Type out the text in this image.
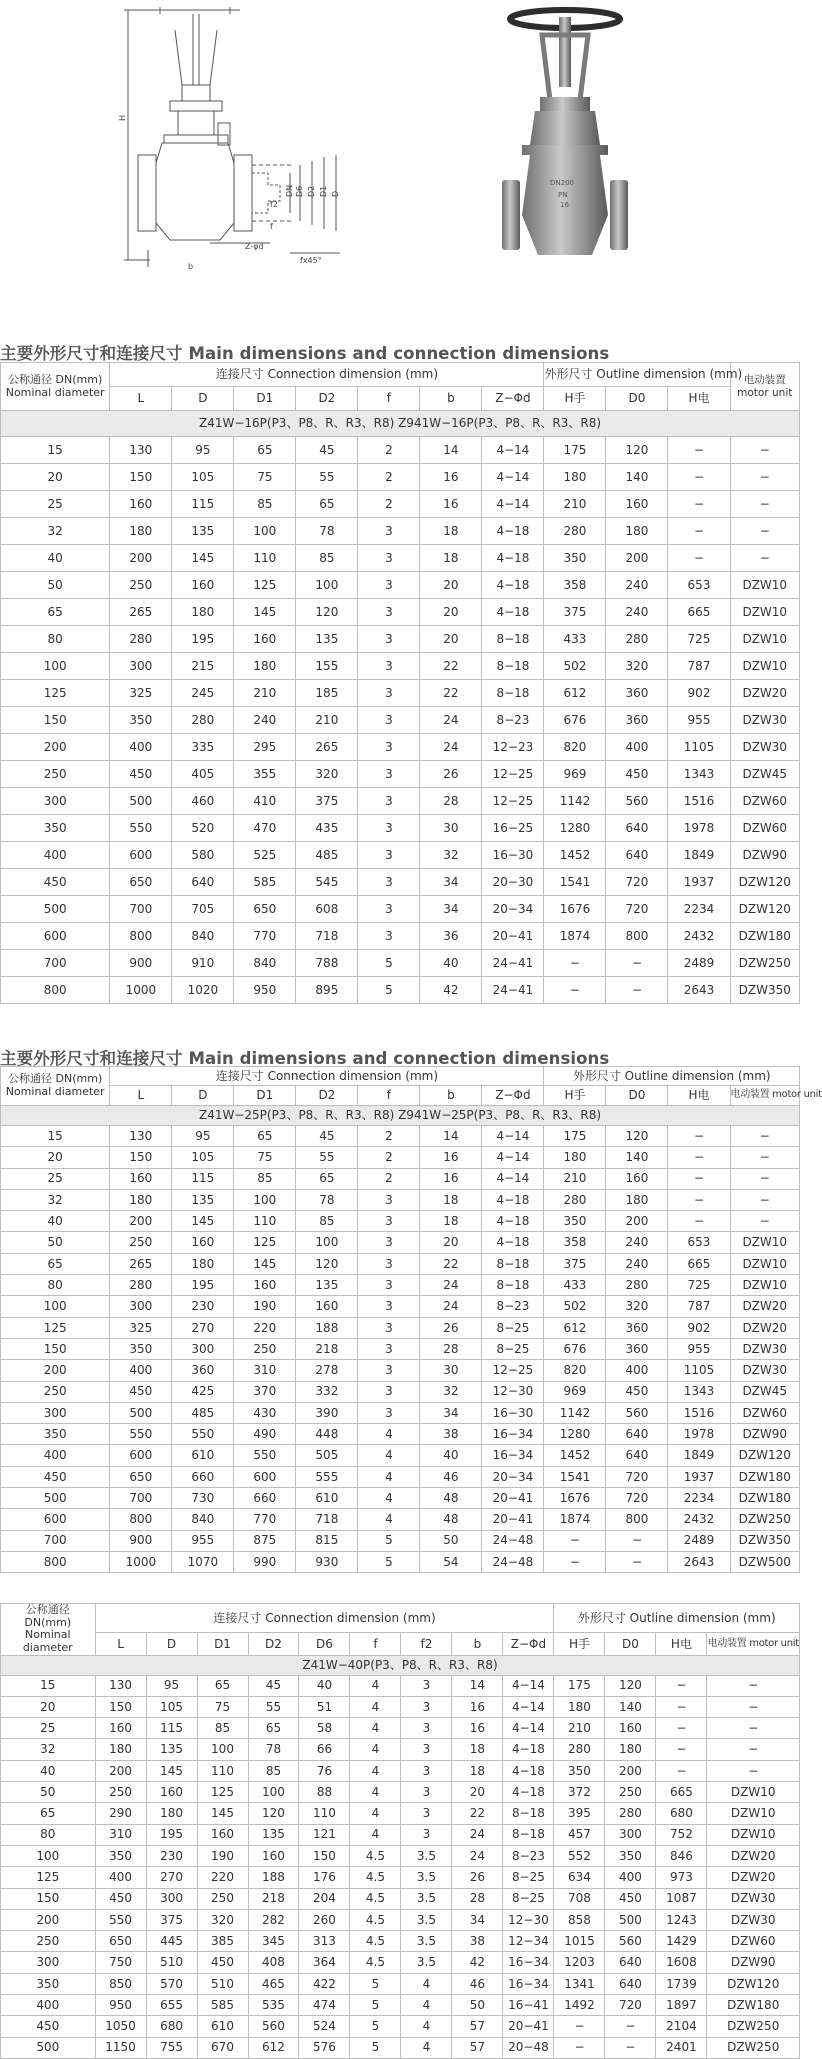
H
DN D6 D2 D1 D
f2
f
Z-φd
b
fx45°
DN200
PN
16
主要外形尺寸和连接尺寸 Main dimensions and connection dimensions
公称通径 DN(mm)
Nominal diameter	连接尺寸 Connection dimension (mm)							外形尺寸 Outline dimension (mm)			电动装置
motor unit
	L	D	D1	D2	f	b	Z−Φd	H手	D0	H电	
Z41W−16P(P3、P8、R、R3、R8) Z941W−16P(P3、P8、R、R3、R8)											
15	130	95	65	45	2	14	4−14	175	120	−	−
20	150	105	75	55	2	16	4−14	180	140	−	−
25	160	115	85	65	2	16	4−14	210	160	−	−
32	180	135	100	78	3	18	4−18	280	180	−	−
40	200	145	110	85	3	18	4−18	350	200	−	−
50	250	160	125	100	3	20	4−18	358	240	653	DZW10
65	265	180	145	120	3	20	4−18	375	240	665	DZW10
80	280	195	160	135	3	20	8−18	433	280	725	DZW10
100	300	215	180	155	3	22	8−18	502	320	787	DZW10
125	325	245	210	185	3	22	8−18	612	360	902	DZW20
150	350	280	240	210	3	24	8−23	676	360	955	DZW30
200	400	335	295	265	3	24	12−23	820	400	1105	DZW30
250	450	405	355	320	3	26	12−25	969	450	1343	DZW45
300	500	460	410	375	3	28	12−25	1142	560	1516	DZW60
350	550	520	470	435	3	30	16−25	1280	640	1978	DZW60
400	600	580	525	485	3	32	16−30	1452	640	1849	DZW90
450	650	640	585	545	3	34	20−30	1541	720	1937	DZW120
500	700	705	650	608	3	34	20−34	1676	720	2234	DZW120
600	800	840	770	718	3	36	20−41	1874	800	2432	DZW180
700	900	910	840	788	5	40	24−41	−	−	2489	DZW250
800	1000	1020	950	895	5	42	24−41	−	−	2643	DZW350
主要外形尺寸和连接尺寸 Main dimensions and connection dimensions
公称通径 DN(mm)
Nominal diameter	连接尺寸 Connection dimension (mm)							外形尺寸 Outline dimension (mm)			
	L	D	D1	D2	f	b	Z−Φd	H手	D0	H电	电动装置 motor unit
Z41W−25P(P3、P8、R、R3、R8) Z941W−25P(P3、P8、R、R3、R8)											
15	130	95	65	45	2	14	4−14	175	120	−	−
20	150	105	75	55	2	16	4−14	180	140	−	−
25	160	115	85	65	2	16	4−14	210	160	−	−
32	180	135	100	78	3	18	4−18	280	180	−	−
40	200	145	110	85	3	18	4−18	350	200	−	−
50	250	160	125	100	3	20	4−18	358	240	653	DZW10
65	265	180	145	120	3	22	8−18	375	240	665	DZW10
80	280	195	160	135	3	24	8−18	433	280	725	DZW10
100	300	230	190	160	3	24	8−23	502	320	787	DZW20
125	325	270	220	188	3	26	8−25	612	360	902	DZW20
150	350	300	250	218	3	28	8−25	676	360	955	DZW30
200	400	360	310	278	3	30	12−25	820	400	1105	DZW30
250	450	425	370	332	3	32	12−30	969	450	1343	DZW45
300	500	485	430	390	3	34	16−30	1142	560	1516	DZW60
350	550	550	490	448	4	38	16−34	1280	640	1978	DZW90
400	600	610	550	505	4	40	16−34	1452	640	1849	DZW120
450	650	660	600	555	4	46	20−34	1541	720	1937	DZW180
500	700	730	660	610	4	48	20−41	1676	720	2234	DZW180
600	800	840	770	718	4	48	20−41	1874	800	2432	DZW250
700	900	955	875	815	5	50	24−48	−	−	2489	DZW350
800	1000	1070	990	930	5	54	24−48	−	−	2643	DZW500
公称通径 DN(mm)
Nominal diameter	连接尺寸 Connection dimension (mm)									外形尺寸 Outline dimension (mm)			
	L	D	D1	D2	D6	f	f2	b	Z−Φd	H手	D0	H电	电动装置 motor unit
Z41W−40P(P3、P8、R、R3、R8)													
15	130	95	65	45	40	4	3	14	4−14	175	120	−	−
20	150	105	75	55	51	4	3	16	4−14	180	140	−	−
25	160	115	85	65	58	4	3	16	4−14	210	160	−	−
32	180	135	100	78	66	4	3	18	4−18	280	180	−	−
40	200	145	110	85	76	4	3	18	4−18	350	200	−	−
50	250	160	125	100	88	4	3	20	4−18	372	250	665	DZW10
65	290	180	145	120	110	4	3	22	8−18	395	280	680	DZW10
80	310	195	160	135	121	4	3	24	8−18	457	300	752	DZW10
100	350	230	190	160	150	4.5	3.5	24	8−23	552	350	846	DZW20
125	400	270	220	188	176	4.5	3.5	26	8−25	634	400	973	DZW20
150	450	300	250	218	204	4.5	3.5	28	8−25	708	450	1087	DZW30
200	550	375	320	282	260	4.5	3.5	34	12−30	858	500	1243	DZW30
250	650	445	385	345	313	4.5	3.5	38	12−34	1015	560	1429	DZW60
300	750	510	450	408	364	4.5	3.5	42	16−34	1203	640	1608	DZW90
350	850	570	510	465	422	5	4	46	16−34	1341	640	1739	DZW120
400	950	655	585	535	474	5	4	50	16−41	1492	720	1897	DZW180
450	1050	680	610	560	524	5	4	57	20−41	−	−	2104	DZW250
500	1150	755	670	612	576	5	4	57	20−48	−	−	2401	DZW250
